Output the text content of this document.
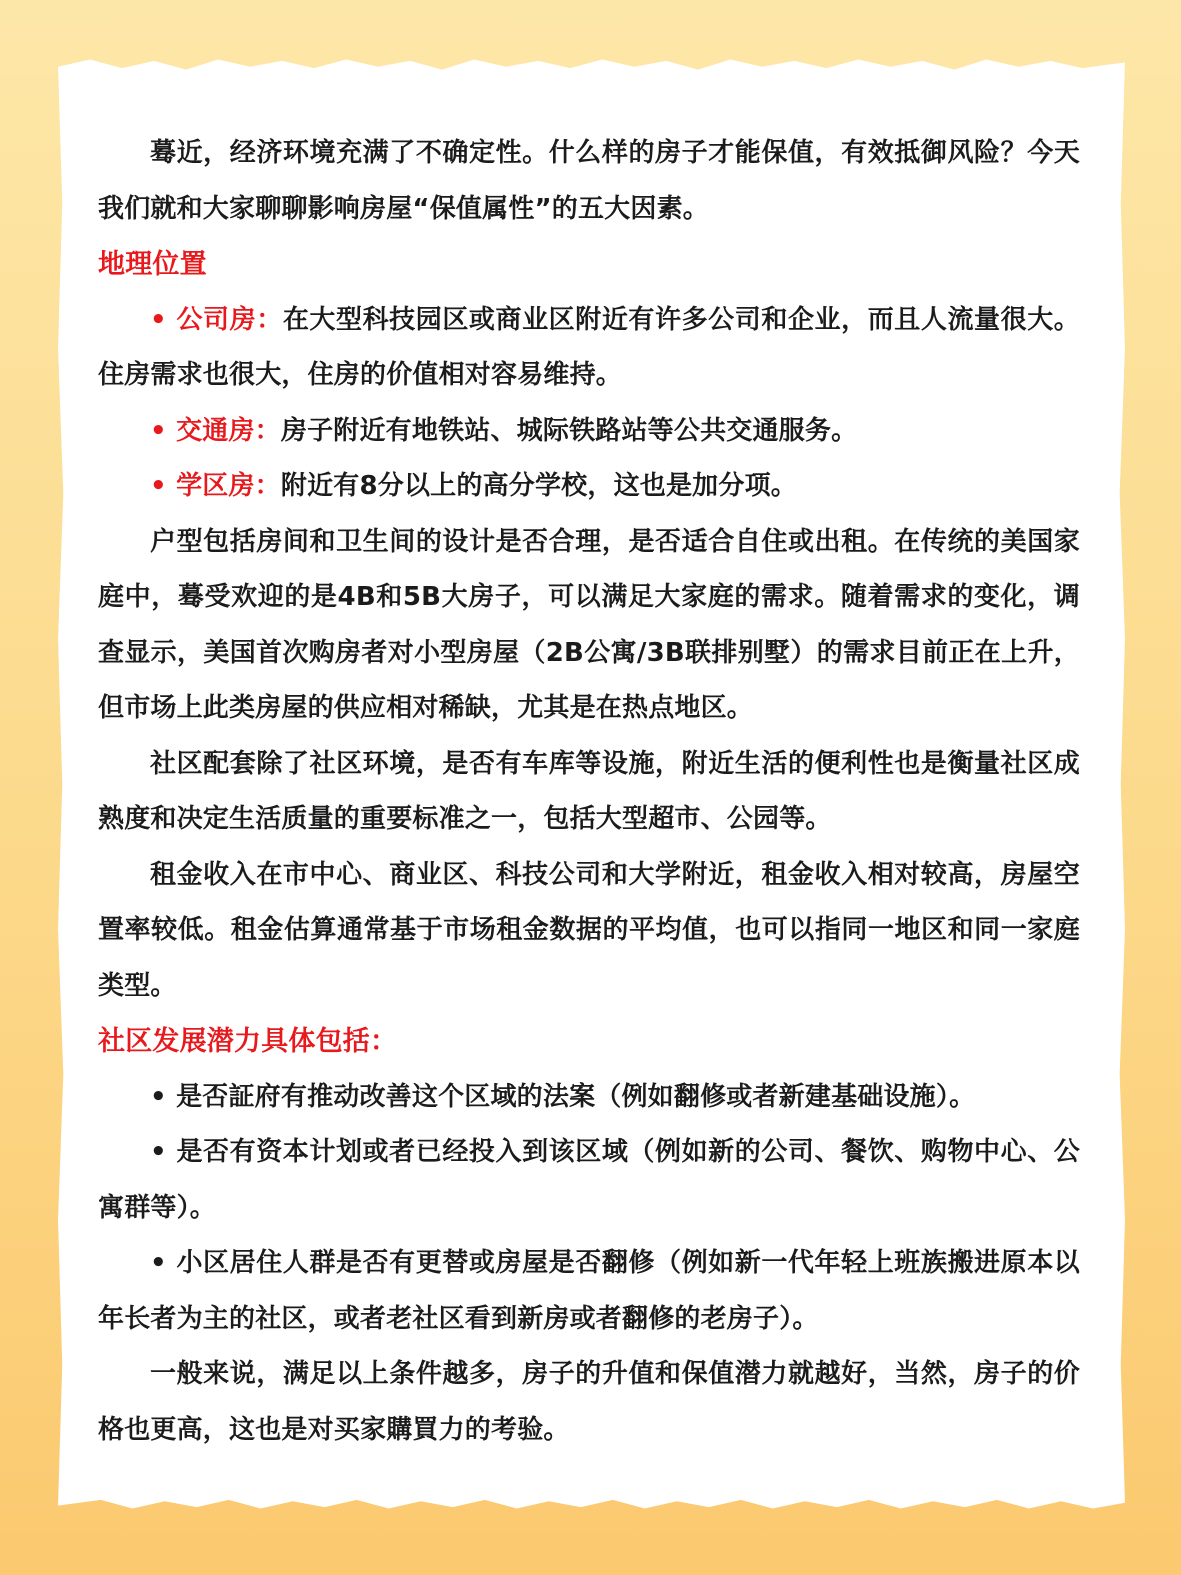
蓦近，经济环境充满了不确定性。什么样的房子才能保值，有效抵御风险？今天我们就和大家聊聊影响房屋“保值属性”的五大因素。

地理位置

• 公司房：在大型科技园区或商业区附近有许多公司和企业，而且人流量很大。住房需求也很大，住房的价值相对容易维持。

• 交通房：房子附近有地铁站、城际铁路站等公共交通服务。

• 学区房：附近有8分以上的高分学校，这也是加分项。

户型包括房间和卫生间的设计是否合理，是否适合自住或出租。在传统的美国家庭中，蓦受欢迎的是4B和5B大房子，可以满足大家庭的需求。随着需求的变化，调查显示，美国首次购房者对小型房屋（2B公寓/3B联排别墅）的需求目前正在上升，但市场上此类房屋的供应相对稀缺，尤其是在热点地区。

社区配套除了社区环境，是否有车库等设施，附近生活的便利性也是衡量社区成熟度和决定生活质量的重要标准之一，包括大型超市、公园等。

租金收入在市中心、商业区、科技公司和大学附近，租金收入相对较高，房屋空置率较低。租金估算通常基于市场租金数据的平均值，也可以指同一地区和同一家庭类型。

社区发展潜力具体包括：

• 是否証府有推动改善这个区域的法案（例如翻修或者新建基础设施）。

• 是否有资本计划或者已经投入到该区域（例如新的公司、餐饮、购物中心、公寓群等）。

• 小区居住人群是否有更替或房屋是否翻修（例如新一代年轻上班族搬进原本以年长者为主的社区，或者老社区看到新房或者翻修的老房子）。

一般来说，满足以上条件越多，房子的升值和保值潜力就越好，当然，房子的价格也更高，这也是对买家購買力的考验。
